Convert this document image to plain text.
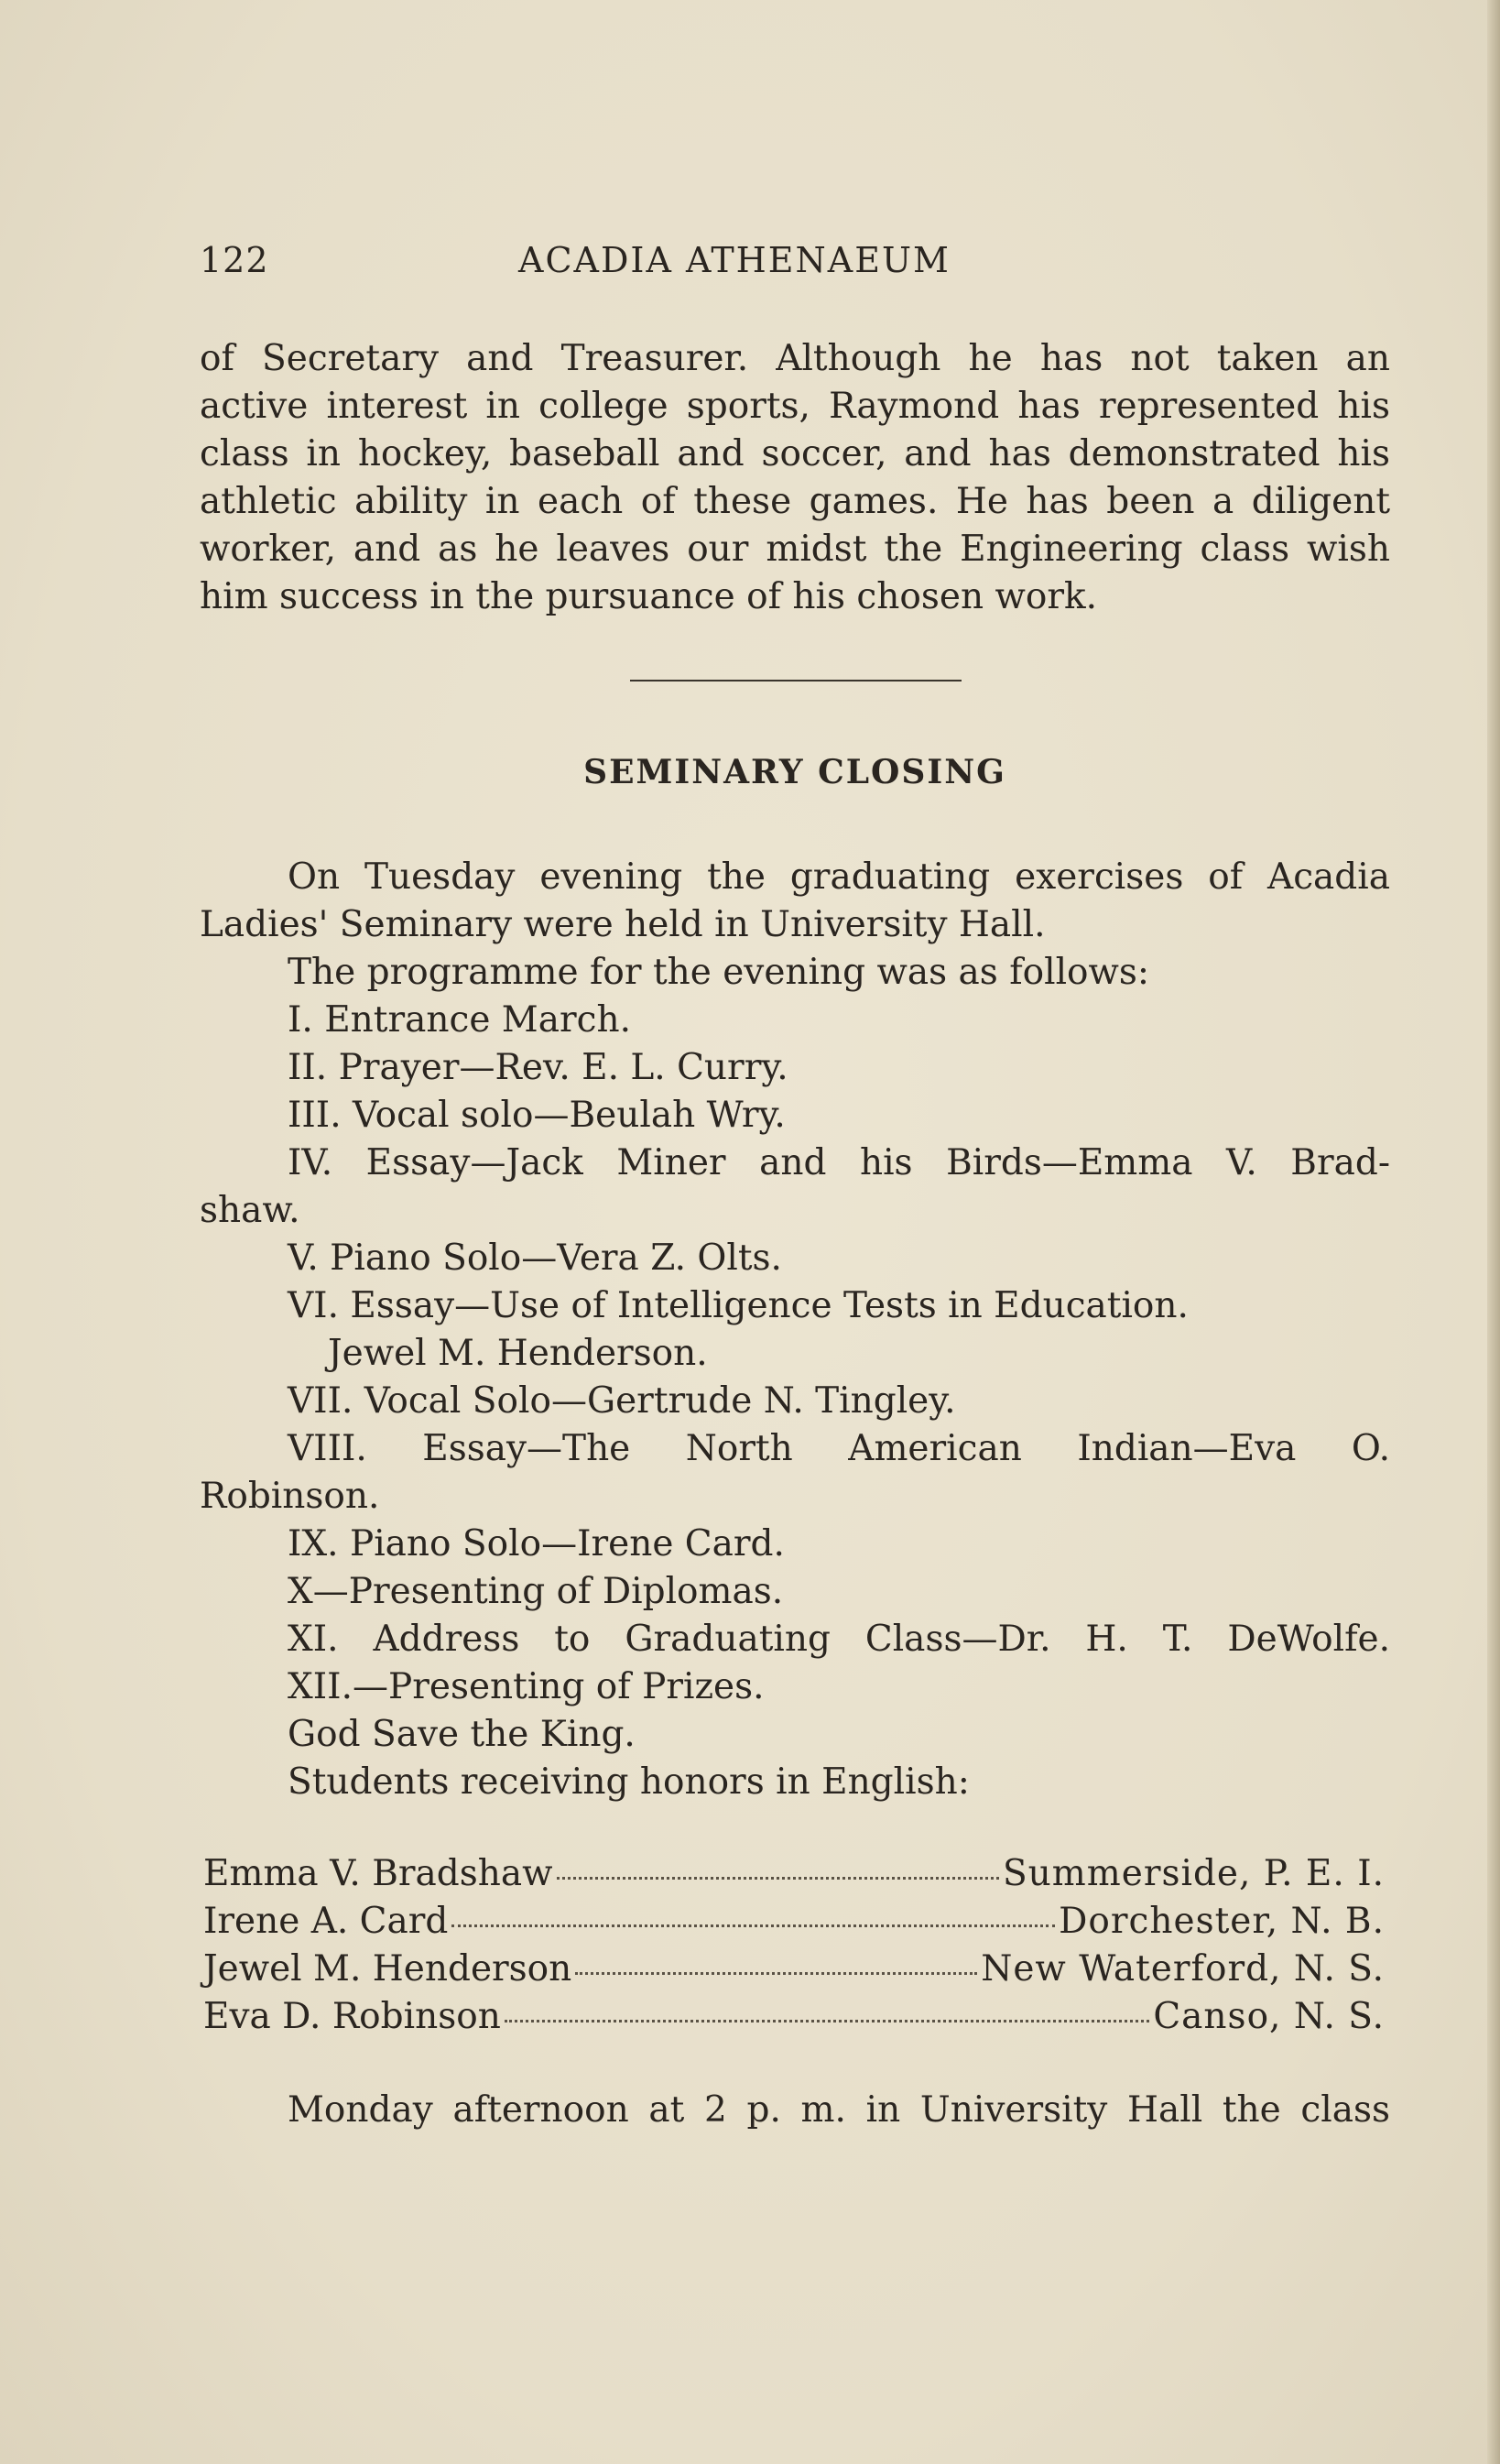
122	ACADIA ATHENAEUM
of Secretary and Treasurer. Although he has not taken an
active interest in college sports, Raymond has represented his
class in hockey, baseball and soccer, and has demonstrated his
athletic ability in each of these games. He has been a diligent
worker, and as he leaves our midst the Engineering class wish
him success in the pursuance of his chosen work.
SEMINARY CLOSING
On Tuesday evening the graduating exercises of Acadia
Ladies' Seminary were held in University Hall.
The programme for the evening was as follows:
I. Entrance March.
II. Prayer—Rev. E. L. Curry.
III. Vocal solo—Beulah Wry.
IV. Essay—Jack Miner and his Birds—Emma V. Brad-
shaw.
V. Piano Solo—Vera Z. Olts.
VI. Essay—Use of Intelligence Tests in Education.
Jewel M. Henderson.
VII. Vocal Solo—Gertrude N. Tingley.
VIII. Essay—The North American Indian—Eva O.
Robinson.
IX. Piano Solo—Irene Card.
X—Presenting of Diplomas.
XI. Address to Graduating Class—Dr. H. T. DeWolfe.
XII.—Presenting of Prizes.
God Save the King.
Students receiving honors in English:
Emma V. Bradshaw	Summerside, P. E. I.
Irene A. Card	Dorchester, N. B.
Jewel M. Henderson	New Waterford, N. S.
Eva D. Robinson	Canso, N. S.
Monday afternoon at 2 p. m. in University Hall the class
